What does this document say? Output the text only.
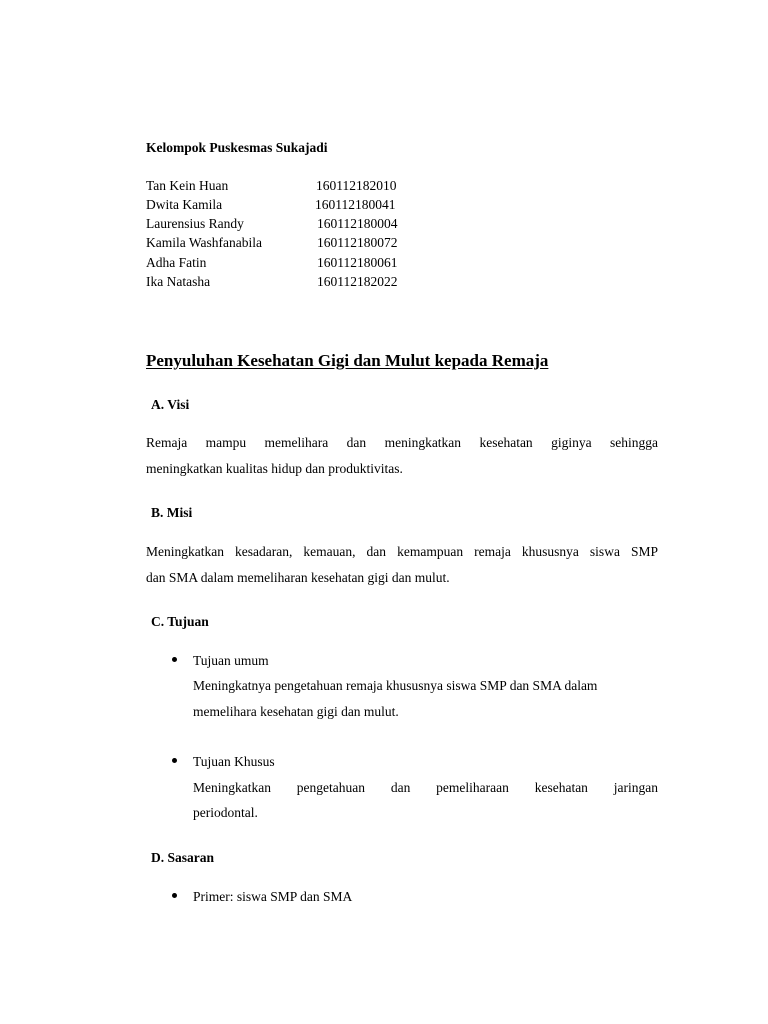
Kelompok Puskesmas Sukajadi
Tan Kein Huan	160112182010
Dwita Kamila	160112180041
Laurensius Randy	160112180004
Kamila Washfanabila	160112180072
Adha Fatin	160112180061
Ika Natasha	160112182022
Penyuluhan Kesehatan Gigi dan Mulut kepada Remaja
A. Visi
Remaja mampu memelihara dan meningkatkan kesehatan giginya sehingga
meningkatkan kualitas hidup dan produktivitas.
B. Misi
Meningkatkan kesadaran, kemauan, dan kemampuan remaja khususnya siswa SMP
dan SMA dalam memeliharan kesehatan gigi dan mulut.
C. Tujuan
Tujuan umum
Meningkatnya pengetahuan remaja khususnya siswa SMP dan SMA dalam
memelihara kesehatan gigi dan mulut.
Tujuan Khusus
Meningkatkan pengetahuan dan pemeliharaan kesehatan jaringan
periodontal.
D. Sasaran
Primer: siswa SMP dan SMA
